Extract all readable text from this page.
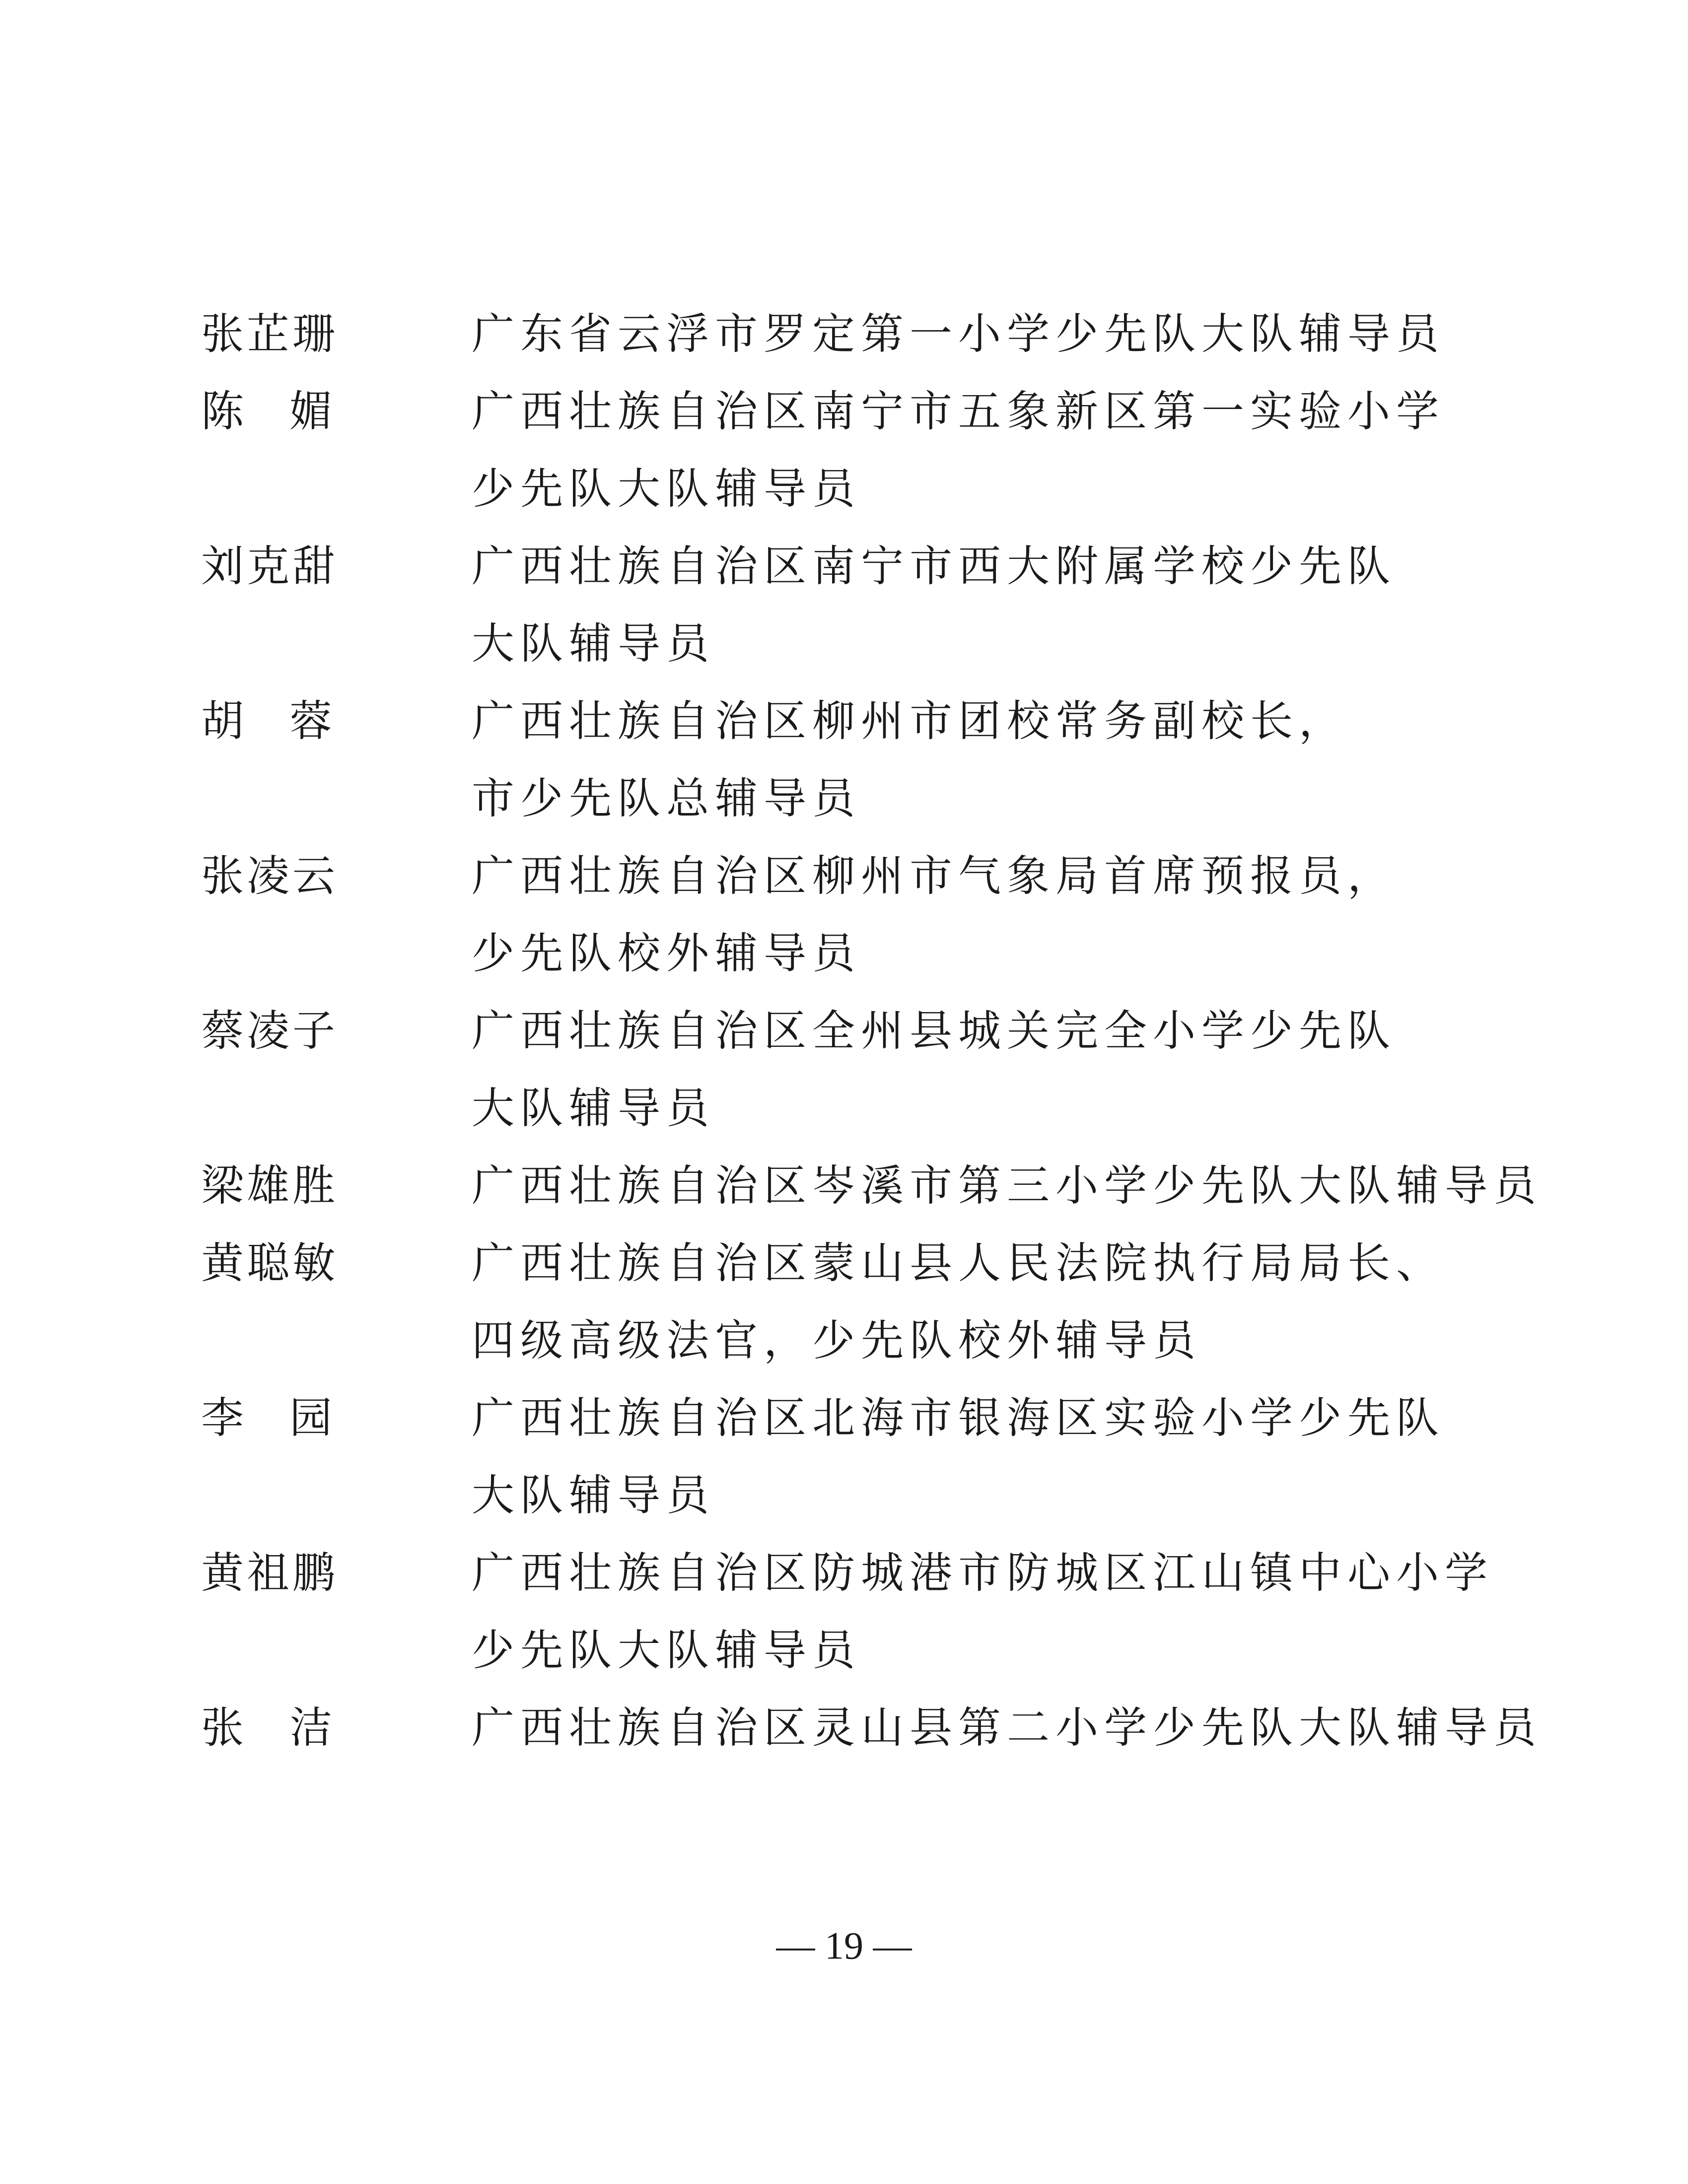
张芷珊	广东省云浮市罗定第一小学少先队大队辅导员
陈 媚	广西壮族自治区南宁市五象新区第一实验小学
少先队大队辅导员
刘克甜	广西壮族自治区南宁市西大附属学校少先队
大队辅导员
胡 蓉	广西壮族自治区柳州市团校常务副校长，
市少先队总辅导员
张凌云	广西壮族自治区柳州市气象局首席预报员，
少先队校外辅导员
蔡凌子	广西壮族自治区全州县城关完全小学少先队
大队辅导员
梁雄胜	广西壮族自治区岑溪市第三小学少先队大队辅导员
黄聪敏	广西壮族自治区蒙山县人民法院执行局局长、
四级高级法官，少先队校外辅导员
李 园	广西壮族自治区北海市银海区实验小学少先队
大队辅导员
黄祖鹏	广西壮族自治区防城港市防城区江山镇中心小学
少先队大队辅导员
张 洁	广西壮族自治区灵山县第二小学少先队大队辅导员
— 19 —
